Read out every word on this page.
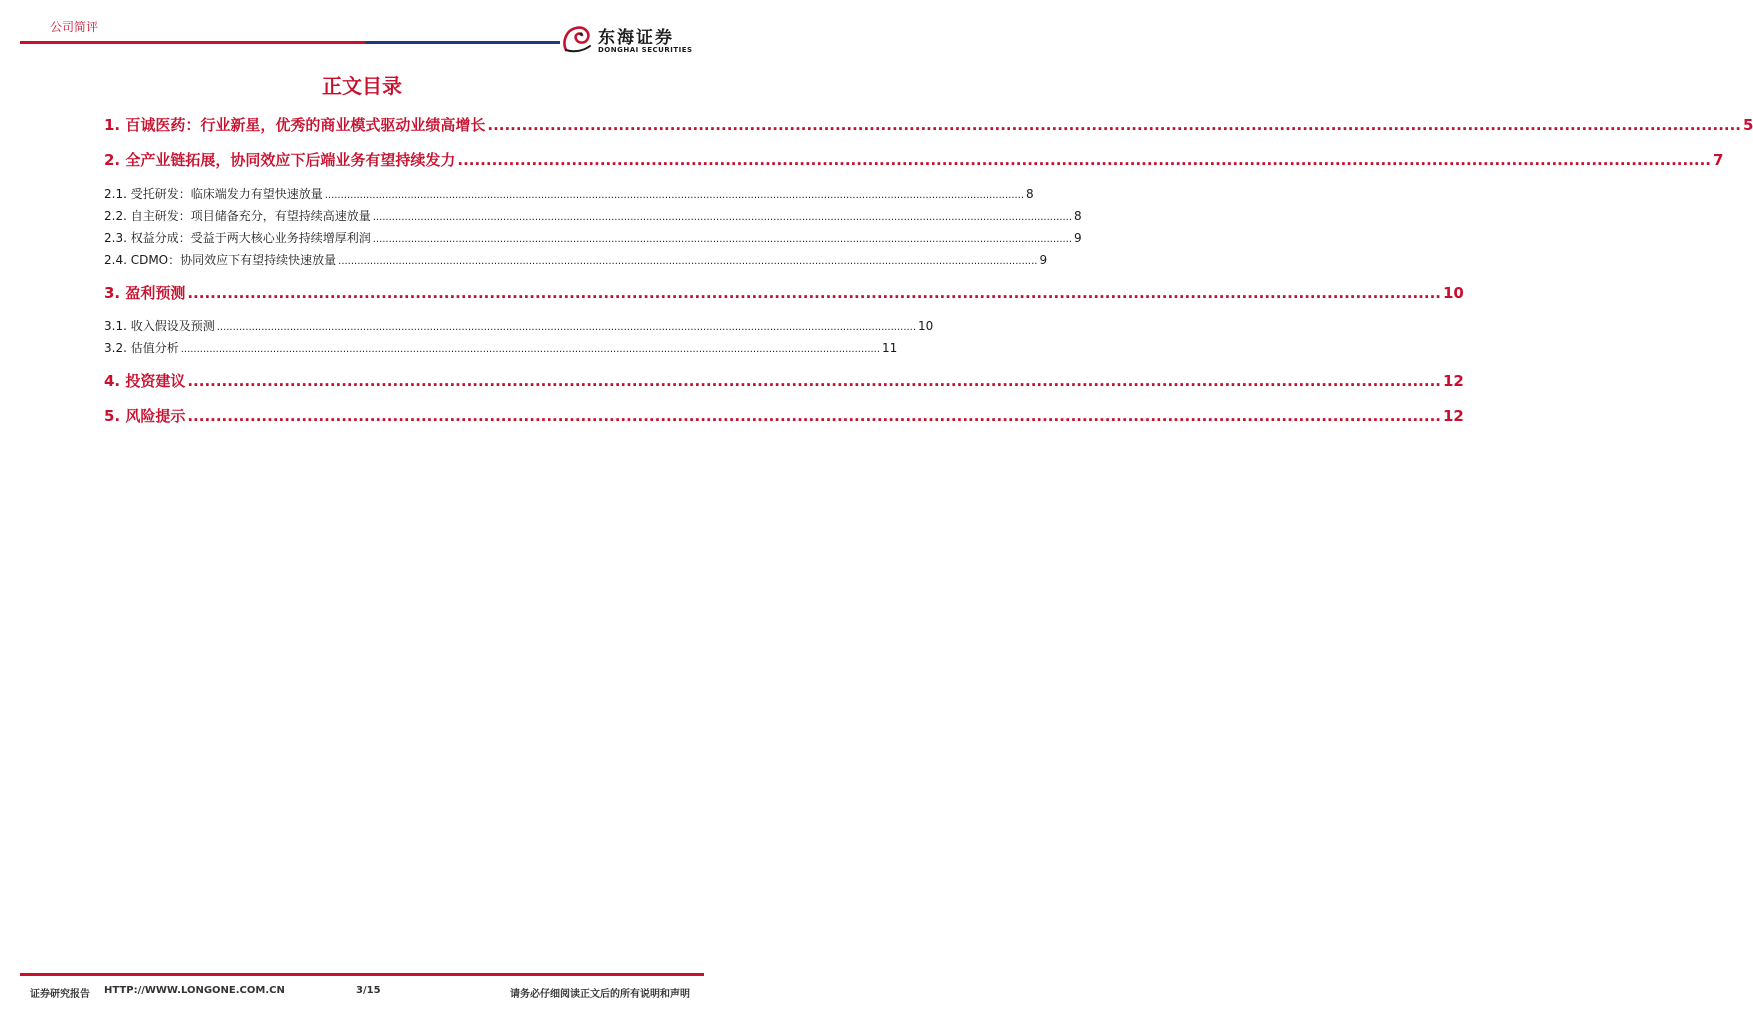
公司简评
东海证券
DONGHAI SECURITIES
正文目录
1. 百诚医药：行业新星，优秀的商业模式驱动业绩高增长 ............................................................................................................................................................................................................................ 5
2. 全产业链拓展，协同效应下后端业务有望持续发力 ............................................................................................................................................................................................................................ 7
2.1. 受托研发：临床端发力有望快速放量 ............................................................................................................................................................................................................................ 8
2.2. 自主研发：项目储备充分，有望持续高速放量 ............................................................................................................................................................................................................................ 8
2.3. 权益分成：受益于两大核心业务持续增厚利润 ............................................................................................................................................................................................................................ 9
2.4. CDMO：协同效应下有望持续快速放量 ............................................................................................................................................................................................................................ 9
3. 盈利预测 ............................................................................................................................................................................................................................ 10
3.1. 收入假设及预测 ............................................................................................................................................................................................................................ 10
3.2. 估值分析 ............................................................................................................................................................................................................................ 11
4. 投资建议 ............................................................................................................................................................................................................................ 12
5. 风险提示 ............................................................................................................................................................................................................................ 12
证券研究报告 HTTP://WWW.LONGONE.COM.CN	3/15	请务必仔细阅读正文后的所有说明和声明
